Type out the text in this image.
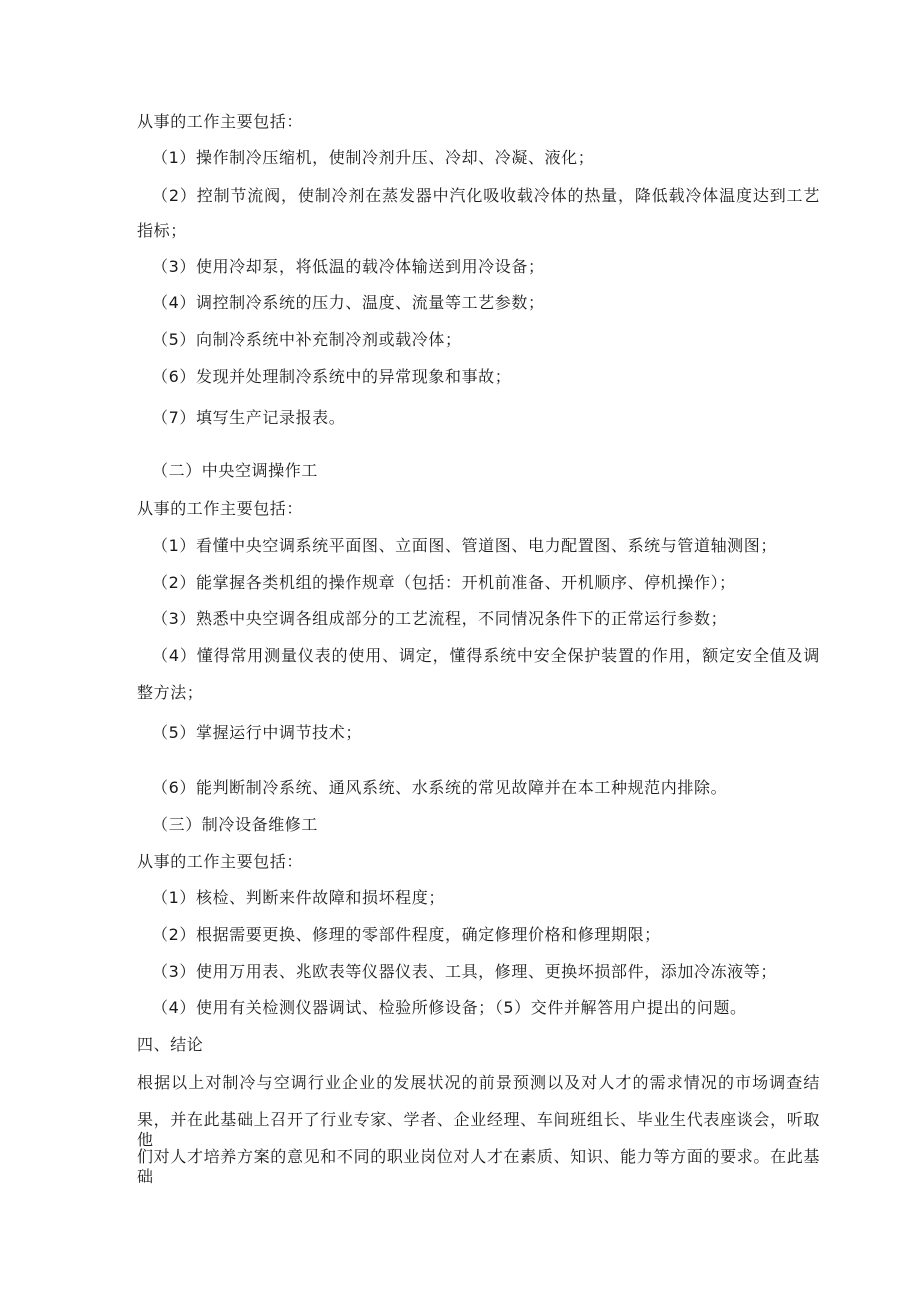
从事的工作主要包括：
（1）操作制冷压缩机，使制冷剂升压、冷却、冷凝、液化；
（2）控制节流阀，使制冷剂在蒸发器中汽化吸收载冷体的热量，降低载冷体温度达到工艺
指标；
（3）使用冷却泵，将低温的载冷体输送到用冷设备；
（4）调控制冷系统的压力、温度、流量等工艺参数；
（5）向制冷系统中补充制冷剂或载冷体；
（6）发现并处理制冷系统中的异常现象和事故；
（7）填写生产记录报表。
（二）中央空调操作工
从事的工作主要包括：
（1）看懂中央空调系统平面图、立面图、管道图、电力配置图、系统与管道轴测图；
（2）能掌握各类机组的操作规章（包括：开机前准备、开机顺序、停机操作）；
（3）熟悉中央空调各组成部分的工艺流程，不同情况条件下的正常运行参数；
（4）懂得常用测量仪表的使用、调定，懂得系统中安全保护装置的作用，额定安全值及调
整方法；
（5）掌握运行中调节技术；
（6）能判断制冷系统、通风系统、水系统的常见故障并在本工种规范内排除。
（三）制冷设备维修工
从事的工作主要包括：
（1）核检、判断来件故障和损坏程度；
（2）根据需要更换、修理的零部件程度，确定修理价格和修理期限；
（3）使用万用表、兆欧表等仪器仪表、工具，修理、更换坏损部件，添加冷冻液等；
（4）使用有关检测仪器调试、检验所修设备；（5）交件并解答用户提出的问题。
四、结论
根据以上对制冷与空调行业企业的发展状况的前景预测以及对人才的需求情况的市场调查结
果，并在此基础上召开了行业专家、学者、企业经理、车间班组长、毕业生代表座谈会，听取他
们对人才培养方案的意见和不同的职业岗位对人才在素质、知识、能力等方面的要求。在此基础
